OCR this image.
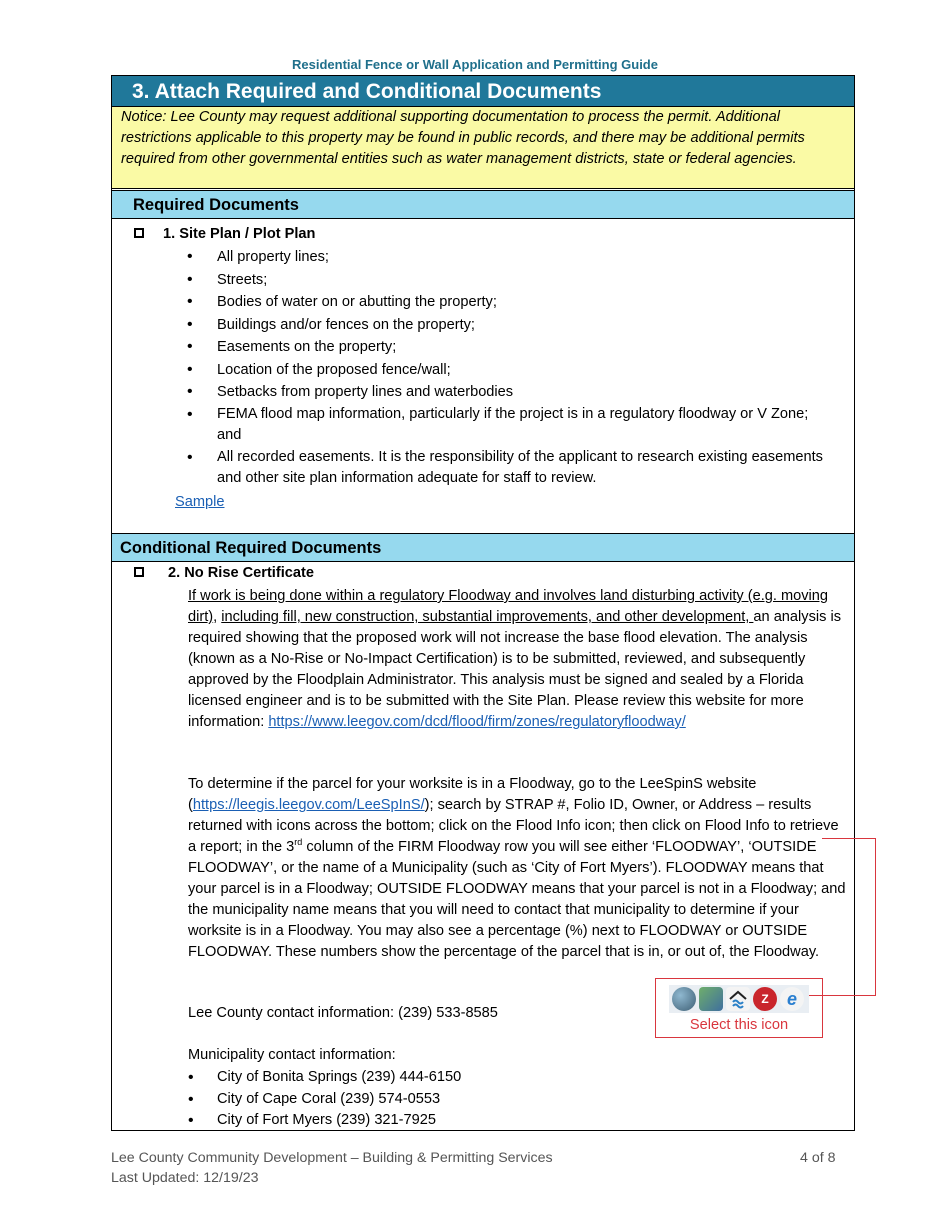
Residential Fence or Wall Application and Permitting Guide
3. Attach Required and Conditional Documents
Notice: Lee County may request additional supporting documentation to process the permit. Additional restrictions applicable to this property may be found in public records, and there may be additional permits required from other governmental entities such as water management districts, state or federal agencies.
Required Documents
1. Site Plan / Plot Plan
• All property lines;
• Streets;
• Bodies of water on or abutting the property;
• Buildings and/or fences on the property;
• Easements on the property;
• Location of the proposed fence/wall;
• Setbacks from property lines and waterbodies
• FEMA flood map information, particularly if the project is in a regulatory floodway or V Zone; and
• All recorded easements. It is the responsibility of the applicant to research existing easements and other site plan information adequate for staff to review.
Sample
Conditional Required Documents
2. No Rise Certificate

If work is being done within a regulatory Floodway and involves land disturbing activity (e.g. moving dirt), including fill, new construction, substantial improvements, and other development, an analysis is required showing that the proposed work will not increase the base flood elevation. The analysis (known as a No-Rise or No-Impact Certification) is to be submitted, reviewed, and subsequently approved by the Floodplain Administrator. This analysis must be signed and sealed by a Florida licensed engineer and is to be submitted with the Site Plan. Please review this website for more information: https://www.leegov.com/dcd/flood/firm/zones/regulatoryfloodway/

To determine if the parcel for your worksite is in a Floodway, go to the LeeSpinS website (https://leegis.leegov.com/LeeSpInS/); search by STRAP #, Folio ID, Owner, or Address – results returned with icons across the bottom; click on the Flood Info icon; then click on Flood Info to retrieve a report; in the 3rd column of the FIRM Floodway row you will see either ‘FLOODWAY’, ‘OUTSIDE FLOODWAY’, or the name of a Municipality (such as ‘City of Fort Myers’). FLOODWAY means that your parcel is in a Floodway; OUTSIDE FLOODWAY means that your parcel is not in a Floodway; and the municipality name means that you will need to contact that municipality to determine if your worksite is in a Floodway. You may also see a percentage (%) next to FLOODWAY or OUTSIDE FLOODWAY. These numbers show the percentage of the parcel that is in, or out of, the Floodway.

Lee County contact information: (239) 533-8585
Municipality contact information:
• City of Bonita Springs (239) 444-6150
• City of Cape Coral (239) 574-0553
• City of Fort Myers (239) 321-7925
Z	e
Select this icon
Lee County Community Development – Building & Permitting Services
Last Updated: 12/19/23
4 of 8
